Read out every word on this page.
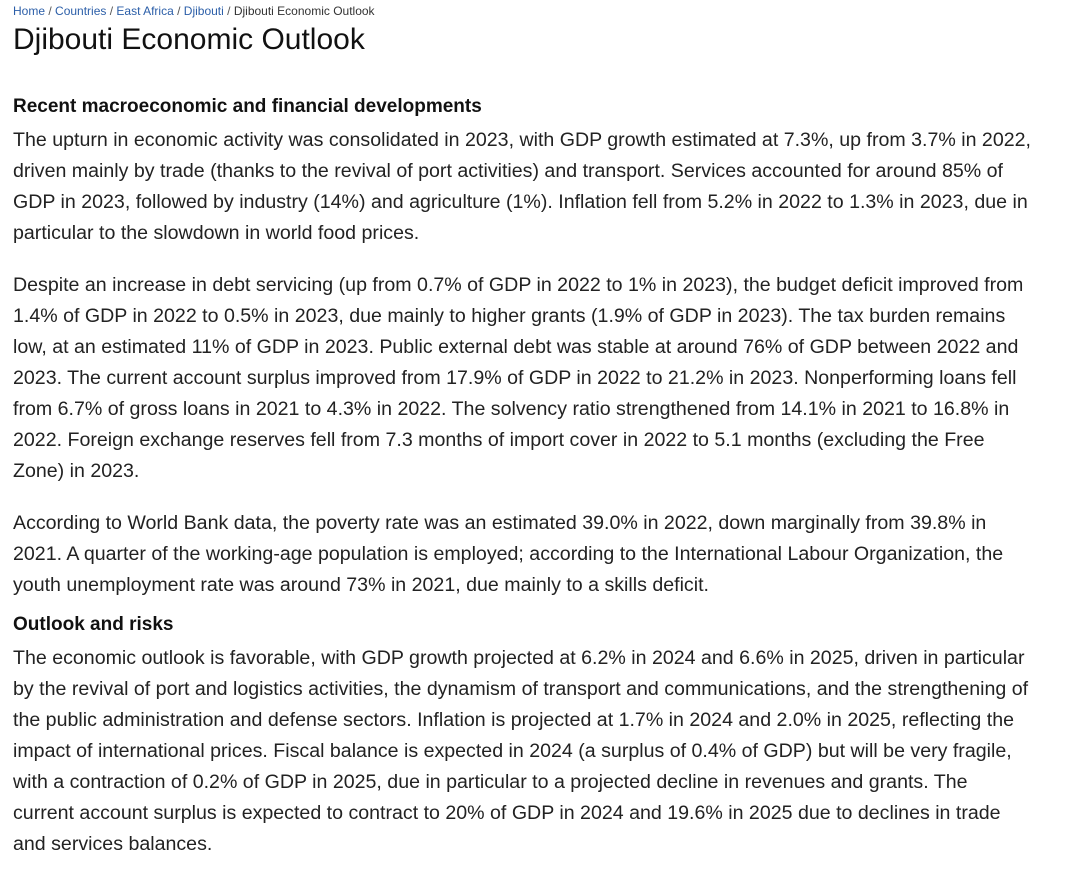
Home / Countries / East Africa / Djibouti / Djibouti Economic Outlook
Djibouti Economic Outlook
Recent macroeconomic and financial developments

The upturn in economic activity was consolidated in 2023, with GDP growth estimated at 7.3%, up from 3.7% in 2022, driven mainly by trade (thanks to the revival of port activities) and transport. Services accounted for around 85% of GDP in 2023, followed by industry (14%) and agriculture (1%). Inflation fell from 5.2% in 2022 to 1.3% in 2023, due in particular to the slowdown in world food prices.

Despite an increase in debt servicing (up from 0.7% of GDP in 2022 to 1% in 2023), the budget deficit improved from 1.4% of GDP in 2022 to 0.5% in 2023, due mainly to higher grants (1.9% of GDP in 2023). The tax burden remains low, at an estimated 11% of GDP in 2023. Public external debt was stable at around 76% of GDP between 2022 and 2023. The current account surplus improved from 17.9% of GDP in 2022 to 21.2% in 2023. Nonperforming loans fell from 6.7% of gross loans in 2021 to 4.3% in 2022. The solvency ratio strengthened from 14.1% in 2021 to 16.8% in 2022. Foreign exchange reserves fell from 7.3 months of import cover in 2022 to 5.1 months (excluding the Free Zone) in 2023.

According to World Bank data, the poverty rate was an estimated 39.0% in 2022, down marginally from 39.8% in 2021. A quarter of the working-age population is employed; according to the International Labour Organization, the youth unemployment rate was around 73% in 2021, due mainly to a skills deficit.

Outlook and risks

The economic outlook is favorable, with GDP growth projected at 6.2% in 2024 and 6.6% in 2025, driven in particular by the revival of port and logistics activities, the dynamism of transport and communications, and the strengthening of the public administration and defense sectors. Inflation is projected at 1.7% in 2024 and 2.0% in 2025, reflecting the impact of international prices. Fiscal balance is expected in 2024 (a surplus of 0.4% of GDP) but will be very fragile, with a contraction of 0.2% of GDP in 2025, due in particular to a projected decline in revenues and grants. The current account surplus is expected to contract to 20% of GDP in 2024 and 19.6% in 2025 due to declines in trade and services balances.
